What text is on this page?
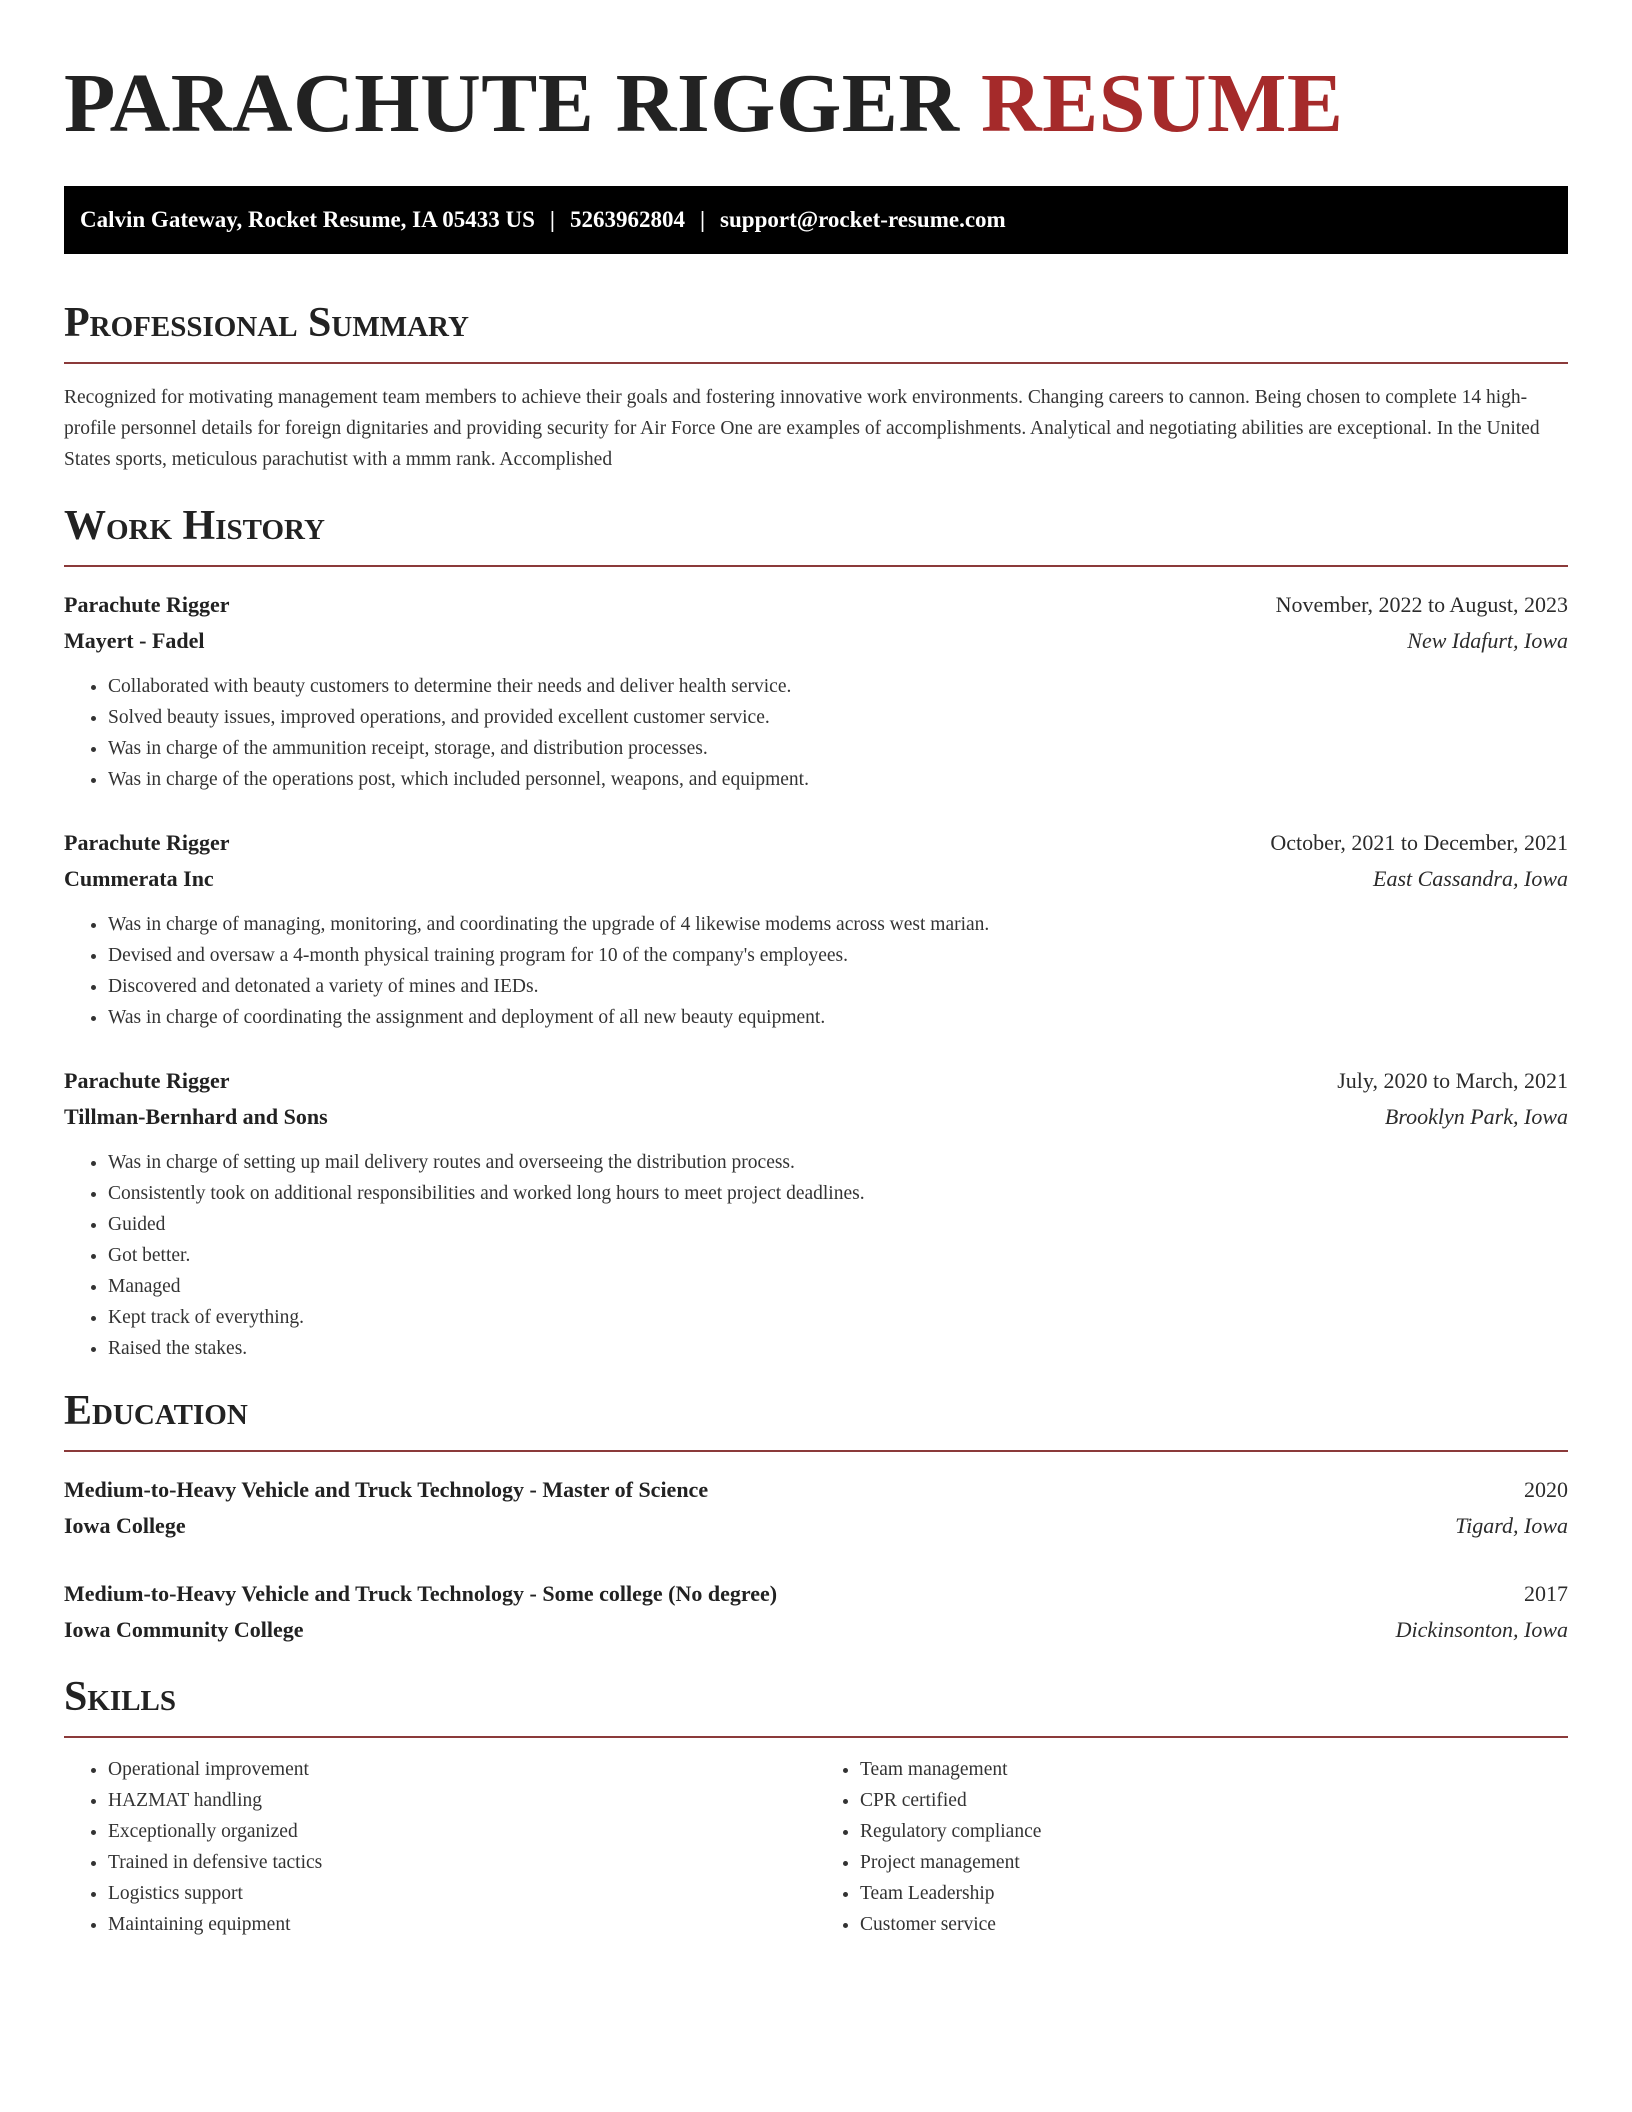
PARACHUTE RIGGER RESUME
Calvin Gateway, Rocket Resume, IA 05433 US | 5263962804 | support@rocket-resume.com
Professional Summary

Recognized for motivating management team members to achieve their goals and fostering innovative work environments. Changing careers to cannon. Being chosen to complete 14 high-profile personnel details for foreign dignitaries and providing security for Air Force One are examples of accomplishments. Analytical and negotiating abilities are exceptional. In the United States sports, meticulous parachutist with a mmm rank. Accomplished

Work History
Parachute Rigger	November, 2022 to August, 2023
Mayert - Fadel	New Idafurt, Iowa
• Collaborated with beauty customers to determine their needs and deliver health service.
• Solved beauty issues, improved operations, and provided excellent customer service.
• Was in charge of the ammunition receipt, storage, and distribution processes.
• Was in charge of the operations post, which included personnel, weapons, and equipment.
Parachute Rigger	October, 2021 to December, 2021
Cummerata Inc	East Cassandra, Iowa
• Was in charge of managing, monitoring, and coordinating the upgrade of 4 likewise modems across west marian.
• Devised and oversaw a 4-month physical training program for 10 of the company's employees.
• Discovered and detonated a variety of mines and IEDs.
• Was in charge of coordinating the assignment and deployment of all new beauty equipment.
Parachute Rigger	July, 2020 to March, 2021
Tillman-Bernhard and Sons	Brooklyn Park, Iowa
• Was in charge of setting up mail delivery routes and overseeing the distribution process.
• Consistently took on additional responsibilities and worked long hours to meet project deadlines.
• Guided
• Got better.
• Managed
• Kept track of everything.
• Raised the stakes.
Education
Medium-to-Heavy Vehicle and Truck Technology - Master of Science	2020
Iowa College	Tigard, Iowa
Medium-to-Heavy Vehicle and Truck Technology - Some college (No degree)	2017
Iowa Community College	Dickinsonton, Iowa
Skills
• Operational improvement
• HAZMAT handling
• Exceptionally organized
• Trained in defensive tactics
• Logistics support
• Maintaining equipment
• Team management
• CPR certified
• Regulatory compliance
• Project management
• Team Leadership
• Customer service
